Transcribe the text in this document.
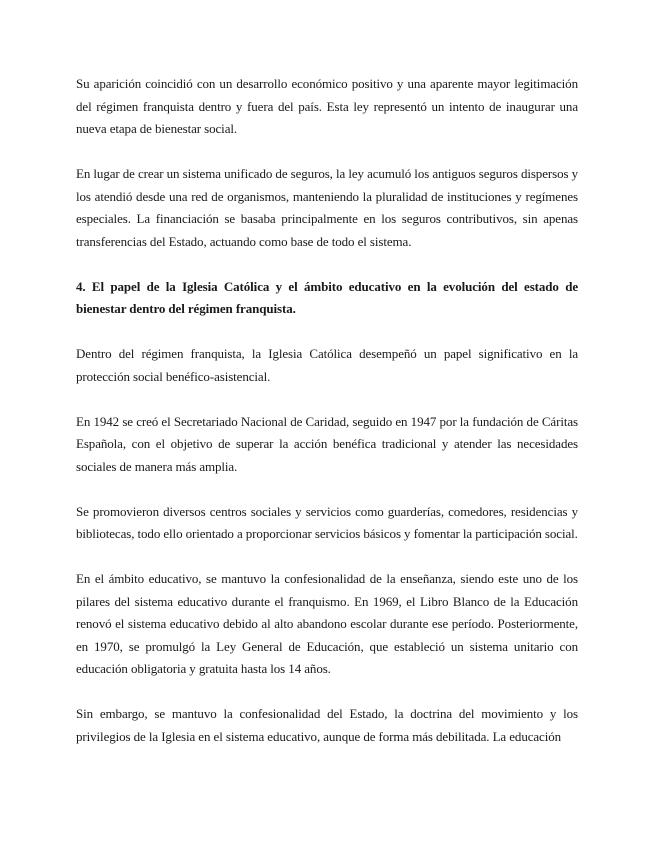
Su aparición coincidió con un desarrollo económico positivo y una aparente mayor legitimación del régimen franquista dentro y fuera del país. Esta ley representó un intento de inaugurar una nueva etapa de bienestar social.

En lugar de crear un sistema unificado de seguros, la ley acumuló los antiguos seguros dispersos y los atendió desde una red de organismos, manteniendo la pluralidad de instituciones y regímenes especiales. La financiación se basaba principalmente en los seguros contributivos, sin apenas transferencias del Estado, actuando como base de todo el sistema.

4. El papel de la Iglesia Católica y el ámbito educativo en la evolución del estado de bienestar dentro del régimen franquista.

Dentro del régimen franquista, la Iglesia Católica desempeñó un papel significativo en la protección social benéfico-asistencial.

En 1942 se creó el Secretariado Nacional de Caridad, seguido en 1947 por la fundación de Cáritas Española, con el objetivo de superar la acción benéfica tradicional y atender las necesidades sociales de manera más amplia.

Se promovieron diversos centros sociales y servicios como guarderías, comedores, residencias y bibliotecas, todo ello orientado a proporcionar servicios básicos y fomentar la participación social.

En el ámbito educativo, se mantuvo la confesionalidad de la enseñanza, siendo este uno de los pilares del sistema educativo durante el franquismo. En 1969, el Libro Blanco de la Educación renovó el sistema educativo debido al alto abandono escolar durante ese período. Posteriormente, en 1970, se promulgó la Ley General de Educación, que estableció un sistema unitario con educación obligatoria y gratuita hasta los 14 años.

Sin embargo, se mantuvo la confesionalidad del Estado, la doctrina del movimiento y los privilegios de la Iglesia en el sistema educativo, aunque de forma más debilitada. La educación
